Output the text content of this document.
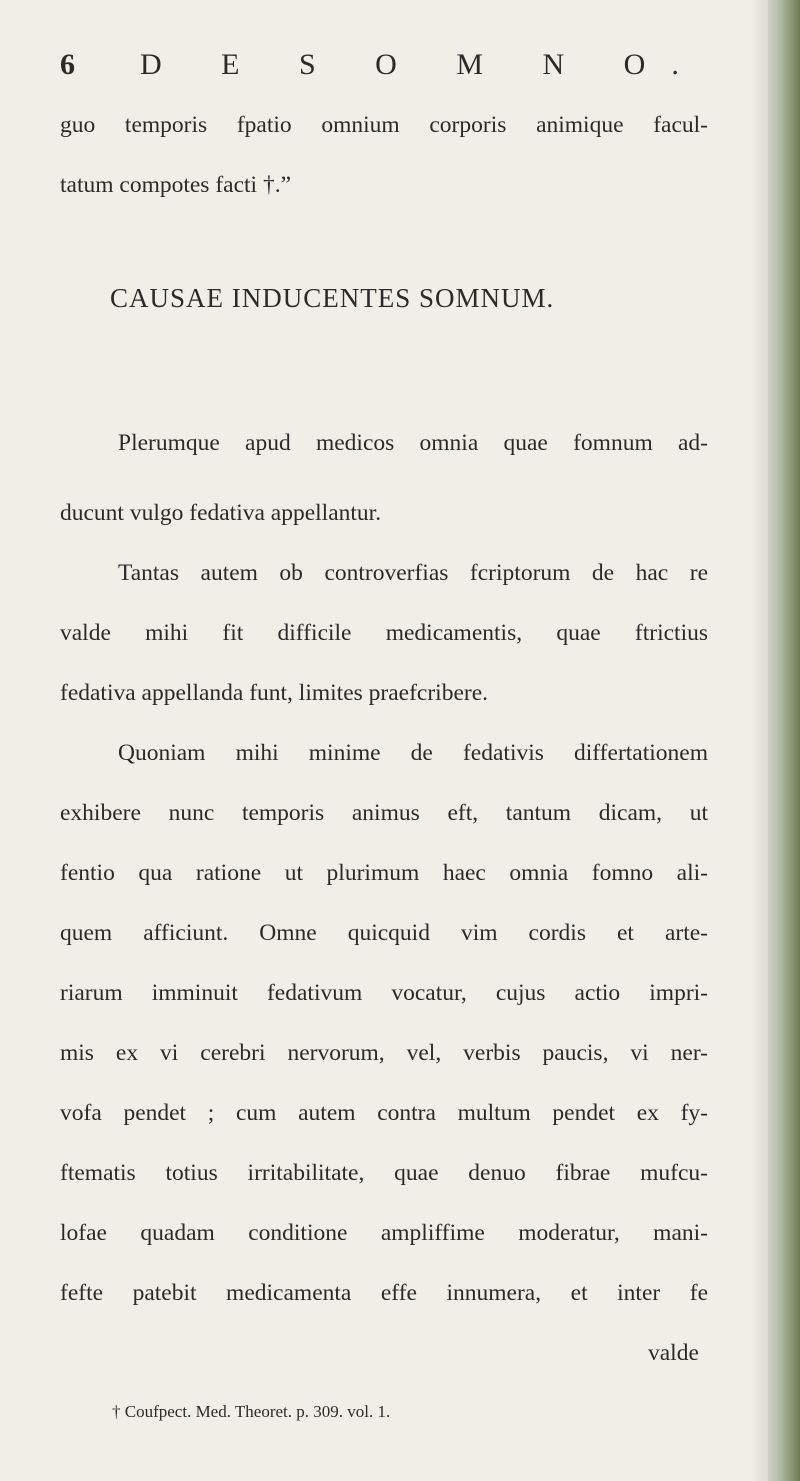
6 D E S O M N O.
guo temporis fpatio omnium corporis animique facul-
tatum compotes facti †.”
CAUSAE INDUCENTES SOMNUM.
Plerumque apud medicos omnia quae fomnum ad-
ducunt vulgo fedativa appellantur.
Tantas autem ob controverfias fcriptorum de hac re
valde mihi fit difficile medicamentis, quae ftrictius
fedativa appellanda funt, limites praefcribere.
Quoniam mihi minime de fedativis differtationem
exhibere nunc temporis animus eft, tantum dicam, ut
fentio qua ratione ut plurimum haec omnia fomno ali-
quem afficiunt. Omne quicquid vim cordis et arte-
riarum imminuit fedativum vocatur, cujus actio impri-
mis ex vi cerebri nervorum, vel, verbis paucis, vi ner-
vofa pendet ; cum autem contra multum pendet ex fy-
ftematis totius irritabilitate, quae denuo fibrae mufcu-
lofae quadam conditione ampliffime moderatur, mani-
fefte patebit medicamenta effe innumera, et inter fe
valde
† Coufpect. Med. Theoret. p. 309. vol. 1.
